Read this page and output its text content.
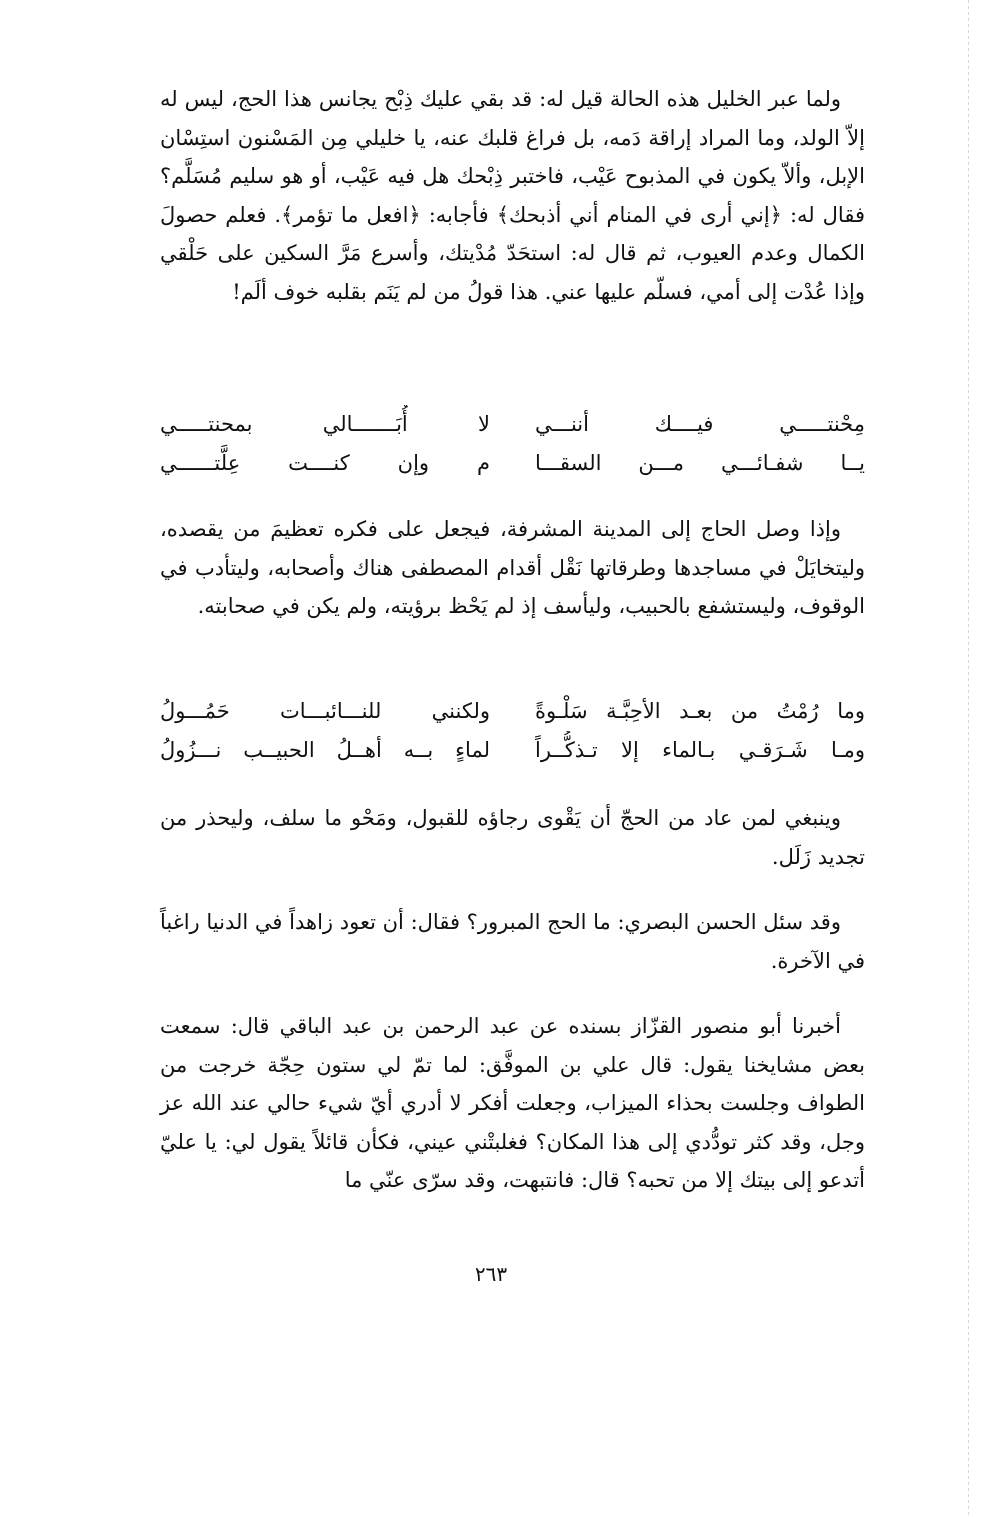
ولما عبر الخليل هذه الحالة قيل له: قد بقي عليك ذِبْح يجانس هذا الحج، ليس له إلاّ الولد، وما المراد إراقة دَمه، بل فراغ قلبك عنه، يا خليلي مِن المَسْنون استِسْان الإبل، وألاّ يكون في المذبوح عَيْب، فاختبر ذِبْحك هل فيه عَيْب، أو هو سليم مُسَلَّم؟ فقال له: ﴿إني أرى في المنام أني أذبحك﴾ فأجابه: ﴿افعل ما تؤمر﴾. فعلم حصولَ الكمال وعدم العيوب، ثم قال له: استحَدّ مُدْيتك، وأسرع مَرَّ السكين على حَلْقي وإذا عُدْت إلى أمي، فسلّم عليها عني. هذا قولُ من لم يَنَم بقلبه خوف ألَم!

مِحْنتـــــي فيــــك أننـــي
لا أُبَـــــــالي بمحنتـــــي
يــا شفـائـــي مـــن السقـــا
م وإن كنــــت عِلَّتــــــي

وإذا وصل الحاج إلى المدينة المشرفة، فيجعل على فكره تعظيمَ من يقصده، وليتخايَلْ في مساجدها وطرقاتها نَقْل أقدام المصطفى هناك وأصحابه، وليتأدب في الوقوف، وليستشفع بالحبيب، وليأسف إذ لم يَحْظ برؤيته، ولم يكن في صحابته.

وما رُمْتُ من بعـد الأحِبَّـة سَلْـوةً
ولكنني للنـــائبـــات حَمُـــولُ
ومـا شَـرَقـي بـالماء إلا تـذكُّــراً
لماءٍ بــه أهــلُ الحبيــب نـــزُولُ

وينبغي لمن عاد من الحجّ أن يَقْوى رجاؤه للقبول، ومَحْو ما سلف، وليحذر من تجديد زَلَل.

وقد سئل الحسن البصري: ما الحج المبرور؟ فقال: أن تعود زاهداً في الدنيا راغباً في الآخرة.

أخبرنا أبو منصور القزّاز بسنده عن عبد الرحمن بن عبد الباقي قال: سمعت بعض مشايخنا يقول: قال علي بن الموفَّق: لما تمّ لي ستون حِجّة خرجت من الطواف وجلست بحذاء الميزاب، وجعلت أفكر لا أدري أيّ شيء حالي عند الله عز وجل، وقد كثر تودُّدي إلى هذا المكان؟ فغلبتْني عيني، فكأن قائلاً يقول لي: يا عليّ أتدعو إلى بيتك إلا من تحبه؟ قال: فانتبهت، وقد سرّى عنّي ما

٢٦٣
